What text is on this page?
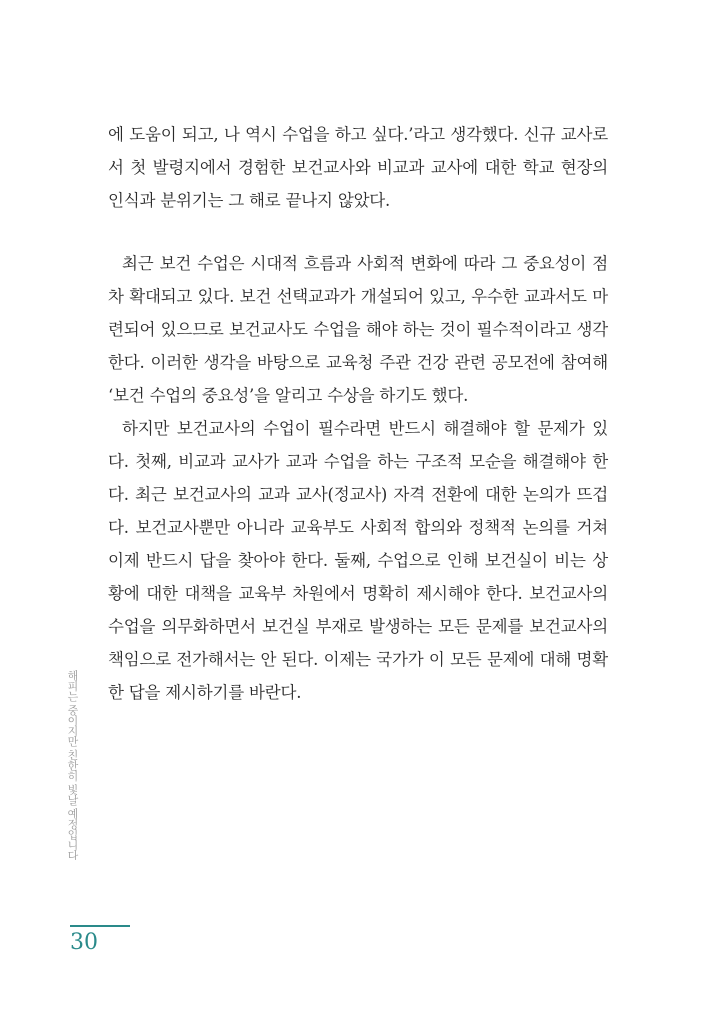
에 도움이 되고, 나 역시 수업을 하고 싶다.’라고 생각했다. 신규 교사로
서 첫 발령지에서 경험한 보건교사와 비교과 교사에 대한 학교 현장의
인식과 분위기는 그 해로 끝나지 않았다.
최근 보건 수업은 시대적 흐름과 사회적 변화에 따라 그 중요성이 점
차 확대되고 있다. 보건 선택교과가 개설되어 있고, 우수한 교과서도 마
련되어 있으므로 보건교사도 수업을 해야 하는 것이 필수적이라고 생각
한다. 이러한 생각을 바탕으로 교육청 주관 건강 관련 공모전에 참여해
‘보건 수업의 중요성’을 알리고 수상을 하기도 했다.
하지만 보건교사의 수업이 필수라면 반드시 해결해야 할 문제가 있
다. 첫째, 비교과 교사가 교과 수업을 하는 구조적 모순을 해결해야 한
다. 최근 보건교사의 교과 교사(정교사) 자격 전환에 대한 논의가 뜨겁
다. 보건교사뿐만 아니라 교육부도 사회적 합의와 정책적 논의를 거쳐
이제 반드시 답을 찾아야 한다. 둘째, 수업으로 인해 보건실이 비는 상
황에 대한 대책을 교육부 차원에서 명확히 제시해야 한다. 보건교사의
수업을 의무화하면서 보건실 부재로 발생하는 모든 문제를 보건교사의
책임으로 전가해서는 안 된다. 이제는 국가가 이 모든 문제에 대해 명확
한 답을 제시하기를 바란다.
해피는 중이지만 친한히 빛날 예정입니다
30
